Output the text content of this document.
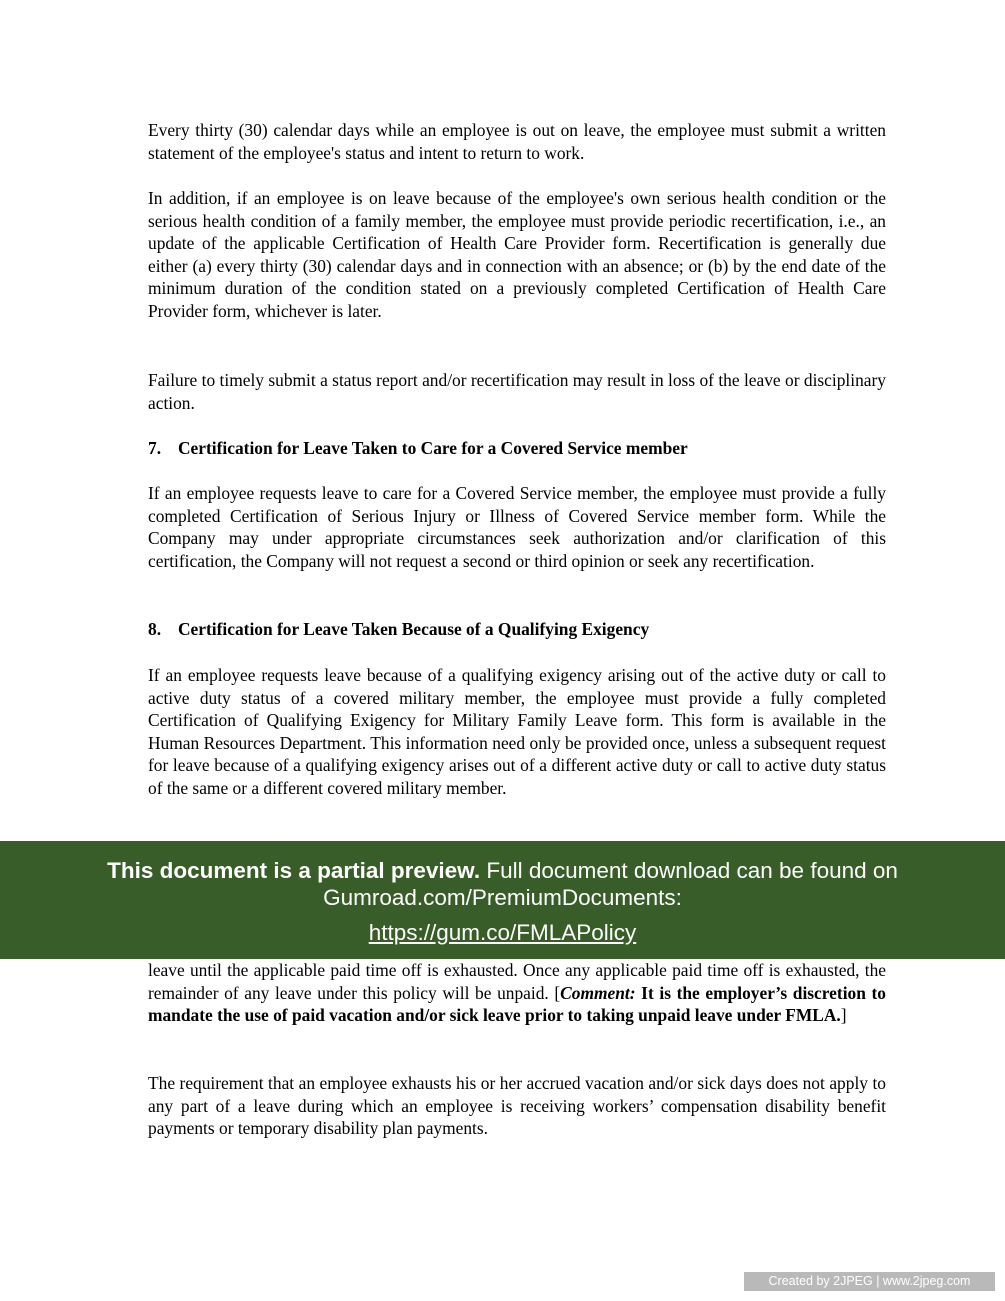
Every thirty (30) calendar days while an employee is out on leave, the employee must submit a written statement of the employee's status and intent to return to work.

In addition, if an employee is on leave because of the employee's own serious health condition or the serious health condition of a family member, the employee must provide periodic recertification, i.e., an update of the applicable Certification of Health Care Provider form. Recertification is generally due either (a) every thirty (30) calendar days and in connection with an absence; or (b) by the end date of the minimum duration of the condition stated on a previously completed Certification of Health Care Provider form, whichever is later.

Failure to timely submit a status report and/or recertification may result in loss of the leave or disciplinary action.

7. Certification for Leave Taken to Care for a Covered Service member

If an employee requests leave to care for a Covered Service member, the employee must provide a fully completed Certification of Serious Injury or Illness of Covered Service member form. While the Company may under appropriate circumstances seek authorization and/or clarification of this certification, the Company will not request a second or third opinion or seek any recertification.

8. Certification for Leave Taken Because of a Qualifying Exigency

If an employee requests leave because of a qualifying exigency arising out of the active duty or call to active duty status of a covered military member, the employee must provide a fully completed Certification of Qualifying Exigency for Military Family Leave form. This form is available in the Human Resources Department. This information need only be provided once, unless a subsequent request for leave because of a qualifying exigency arises out of a different active duty or call to active duty status of the same or a different covered military member.

This document is a partial preview. Full document download can be found on
Gumroad.com/PremiumDocuments:
https://gum.co/FMLAPolicy

leave until the applicable paid time off is exhausted. Once any applicable paid time off is exhausted, the remainder of any leave under this policy will be unpaid. [Comment: It is the employer’s discretion to mandate the use of paid vacation and/or sick leave prior to taking unpaid leave under FMLA.]

The requirement that an employee exhausts his or her accrued vacation and/or sick days does not apply to any part of a leave during which an employee is receiving workers’ compensation disability benefit payments or temporary disability plan payments.

Created by 2JPEG | www.2jpeg.com
